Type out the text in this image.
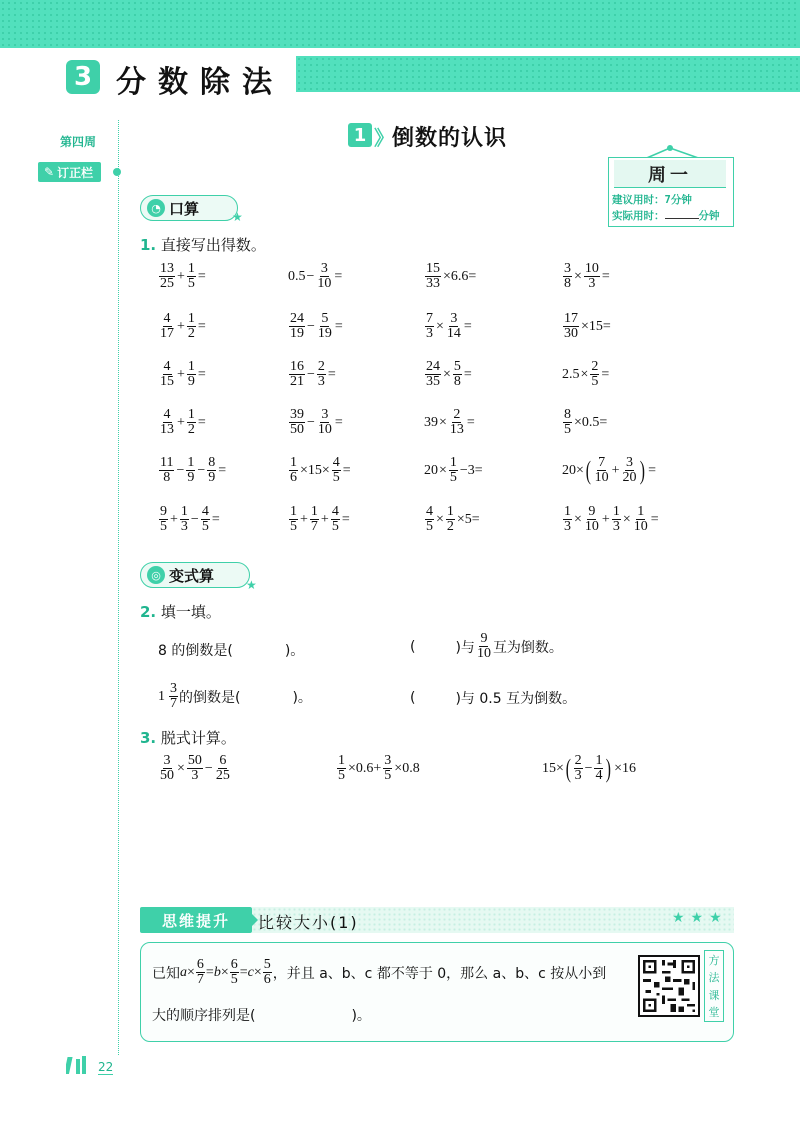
3 分数除法
第四周
✎ 订正栏
1 》
倒数的认识
周一
建议用时：7分钟
实际用时：	分钟
◔ 口算	★
1. 直接写出得数。
$\frac{13}{25} + \frac{1}{5}$ =	$0.5 - \frac{3}{10}$ =	$\frac{15}{33} \times 6.6=$	$\frac{3}{8} \times \frac{10}{3}$ =
$\frac{4}{17} + \frac{1}{2}$ =	$\frac{24}{19} - \frac{5}{19}$ =	$\frac{7}{3} \times \frac{3}{14}$ =	$\frac{17}{30} \times 15=$
$\frac{4}{15} + \frac{1}{9}$ =	$\frac{16}{21} - \frac{2}{3}$ =	$\frac{24}{35} \times \frac{5}{8}$ =	$2.5 \times \frac{2}{5}$ =
$\frac{4}{13} + \frac{1}{2}$ =	$\frac{39}{50} - \frac{3}{10}$ =	$39 \times \frac{2}{13}$ =	$\frac{8}{5} \times 0.5=$
$\frac{11}{8} - \frac{1}{9} - \frac{8}{9}$ =	$\frac{1}{6} \times 15\times \frac{4}{5}$ =	$20 \times \frac{1}{5} -3=$	20× ( $\frac{7}{10} + \frac{3}{20}$ ) =
$\frac{9}{5} + \frac{1}{3} - \frac{4}{5}$ =	$\frac{1}{5} + \frac{1}{7} + \frac{4}{5}$ =	$\frac{4}{5} \times \frac{1}{2} \times 5=$	$\frac{1}{3} \times \frac{9}{10} + \frac{1}{3} \times \frac{1}{10}$ =
◎ 变式算
★
2. 填一填。
8 的倒数是(	)。	(	)与 $\frac{9}{10}$ 互为倒数。
$1 \frac{3}{7}$ 的倒数是(	)。	(	)与 0.5 互为倒数。
3. 脱式计算。
$\frac{3}{50} \times \frac{50}{3} - \frac{6}{25}$	$\frac{1}{5} \times 0.6+ \frac{3}{5} \times 0.8$	15× ( $\frac{2}{3} - \frac{1}{4}$ ) ×16
思维提升	比较大小(1)	★★★
已知 $a \times \frac{6}{7} = b \times \frac{6}{5} = c \times \frac{5}{6}$ ，并且 a、b、c 都不等于 0，那么 a、b、c 按从小到
大的顺序排列是(	)。
方
法
课
堂
22
